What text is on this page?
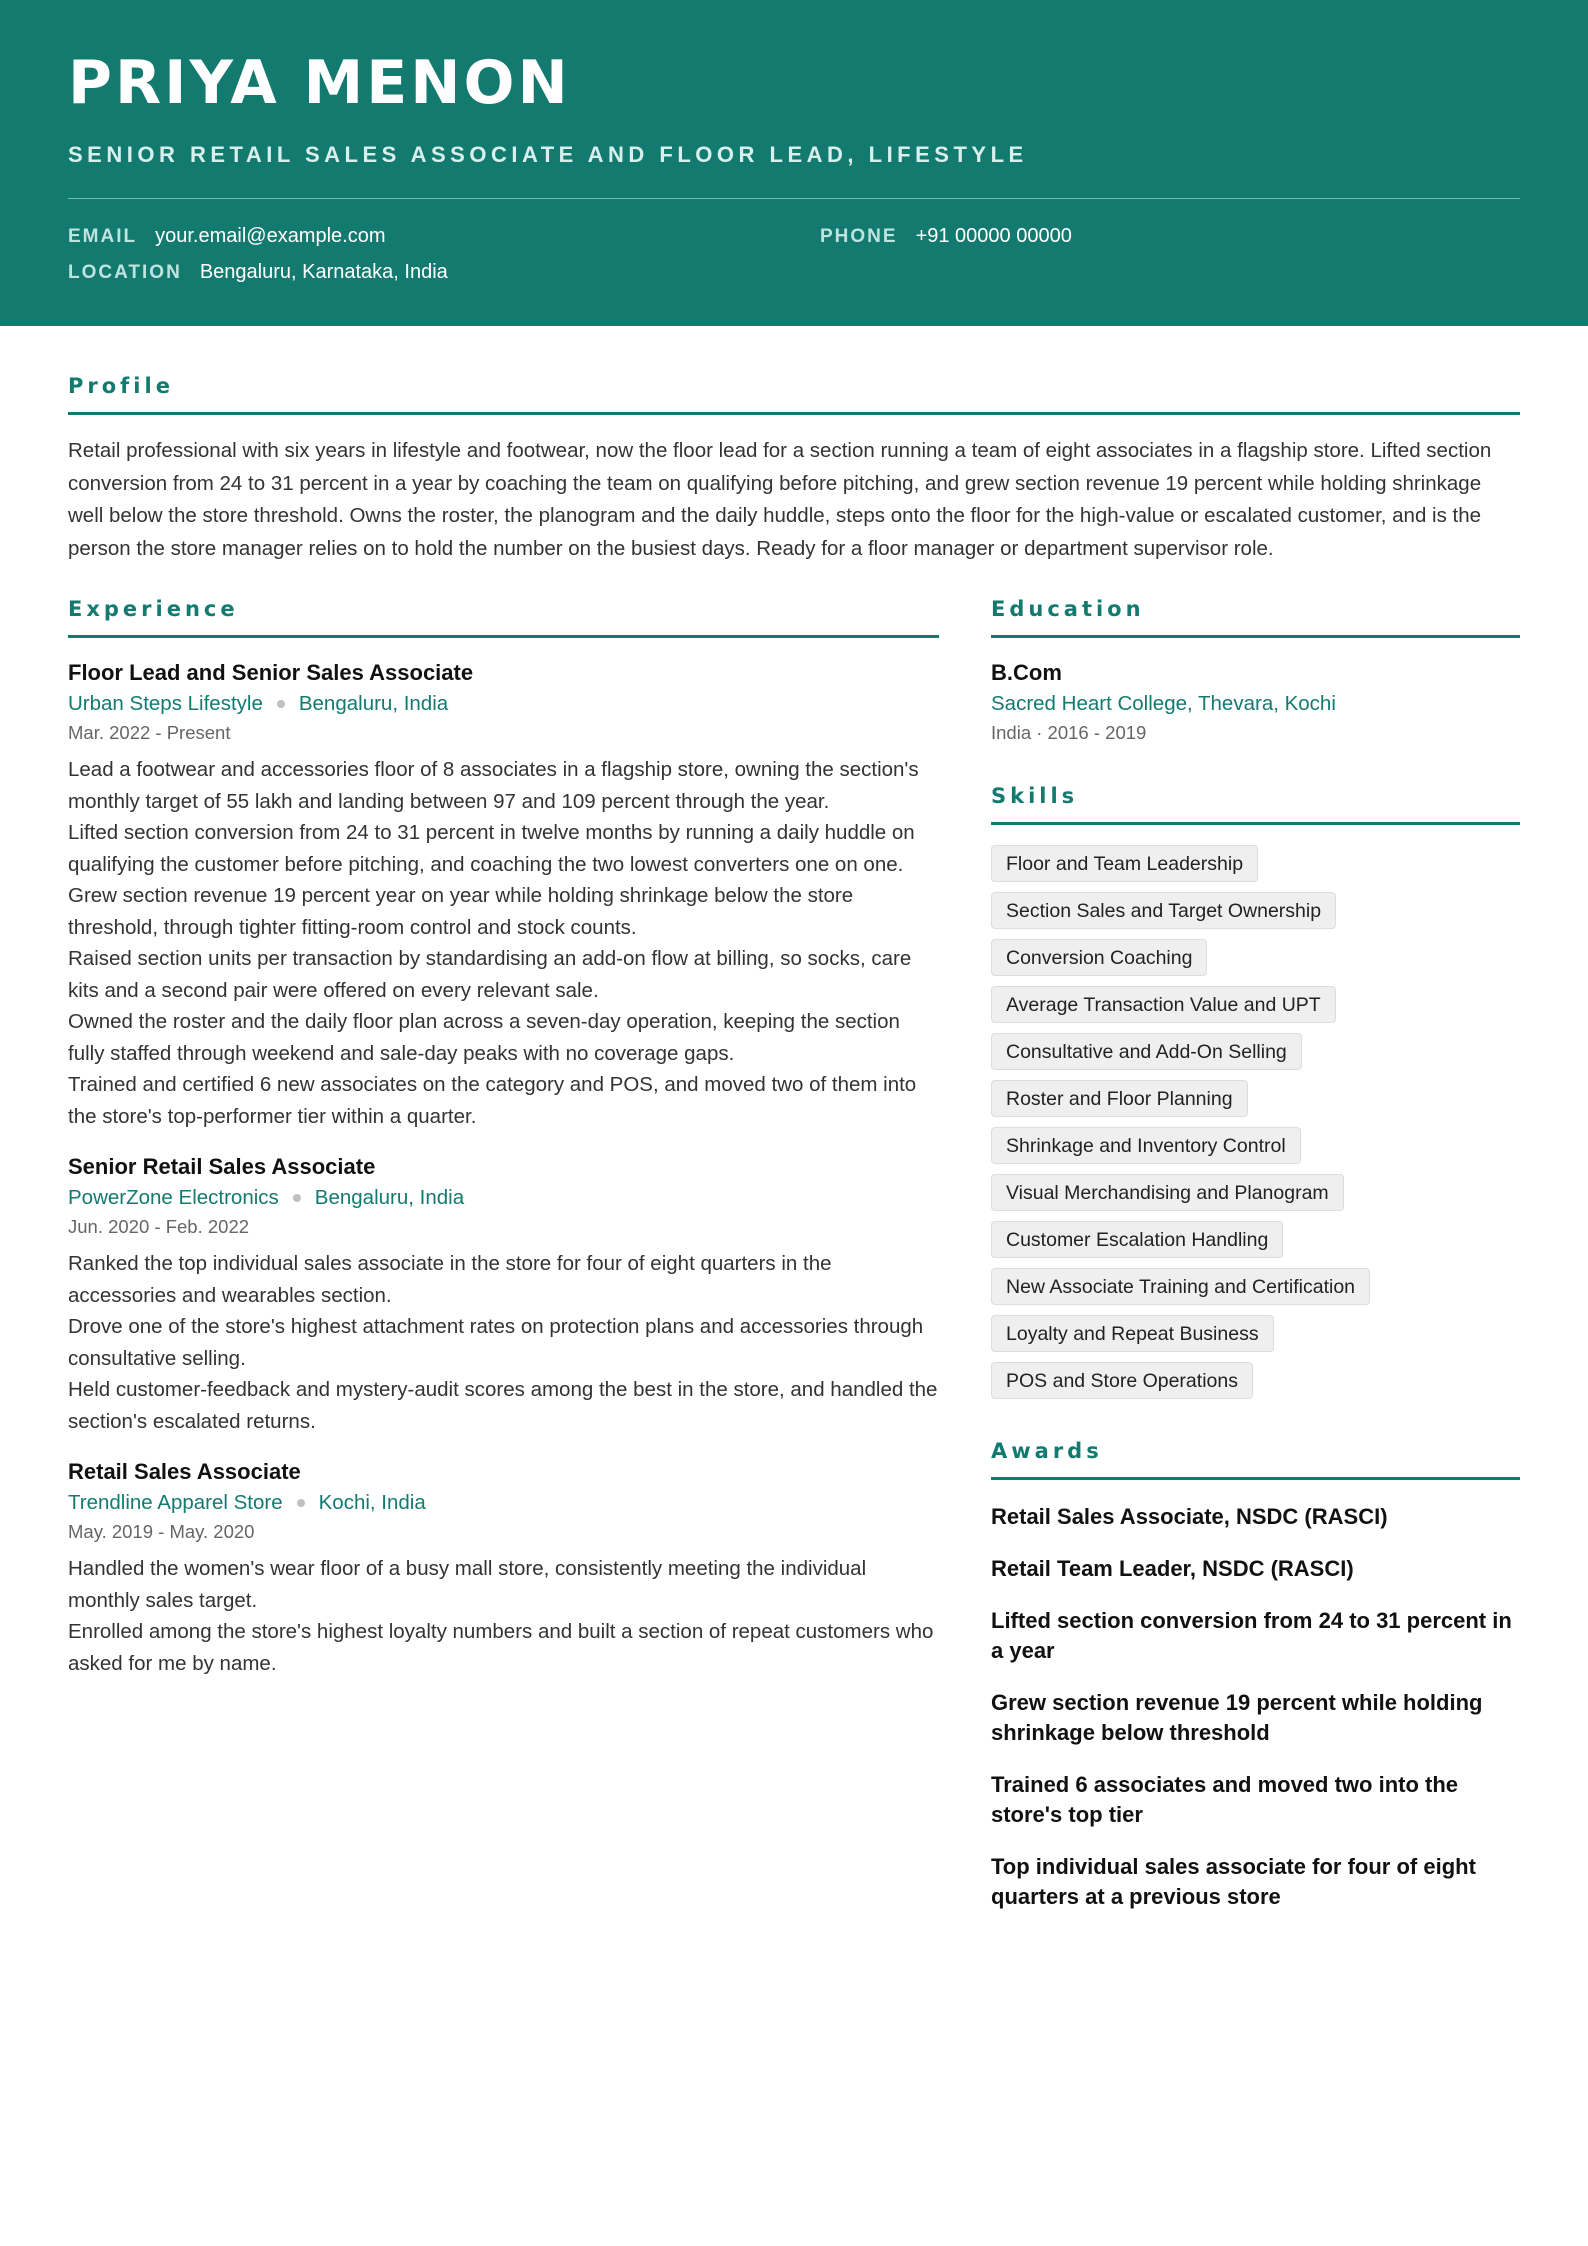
PRIYA MENON
SENIOR RETAIL SALES ASSOCIATE AND FLOOR LEAD, LIFESTYLE
EMAIL your.email@example.com	PHONE +91 00000 00000
LOCATION Bengaluru, Karnataka, India
Profile
Retail professional with six years in lifestyle and footwear, now the floor lead for a section running a team of eight associates in a flagship store. Lifted section conversion from 24 to 31 percent in a year by coaching the team on qualifying before pitching, and grew section revenue 19 percent while holding shrinkage well below the store threshold. Owns the roster, the planogram and the daily huddle, steps onto the floor for the high-value or escalated customer, and is the person the store manager relies on to hold the number on the busiest days. Ready for a floor manager or department supervisor role.
Experience
Floor Lead and Senior Sales Associate
Urban Steps Lifestyle Bengaluru, India
Mar. 2022 - Present
Lead a footwear and accessories floor of 8 associates in a flagship store, owning the section's monthly target of 55 lakh and landing between 97 and 109 percent through the year.
Lifted section conversion from 24 to 31 percent in twelve months by running a daily huddle on qualifying the customer before pitching, and coaching the two lowest converters one on one.
Grew section revenue 19 percent year on year while holding shrinkage below the store threshold, through tighter fitting-room control and stock counts.
Raised section units per transaction by standardising an add-on flow at billing, so socks, care kits and a second pair were offered on every relevant sale.
Owned the roster and the daily floor plan across a seven-day operation, keeping the section fully staffed through weekend and sale-day peaks with no coverage gaps.
Trained and certified 6 new associates on the category and POS, and moved two of them into the store's top-performer tier within a quarter.
Senior Retail Sales Associate
PowerZone Electronics Bengaluru, India
Jun. 2020 - Feb. 2022
Ranked the top individual sales associate in the store for four of eight quarters in the accessories and wearables section.
Drove one of the store's highest attachment rates on protection plans and accessories through consultative selling.
Held customer-feedback and mystery-audit scores among the best in the store, and handled the section's escalated returns.
Retail Sales Associate
Trendline Apparel Store Kochi, India
May. 2019 - May. 2020
Handled the women's wear floor of a busy mall store, consistently meeting the individual monthly sales target.
Enrolled among the store's highest loyalty numbers and built a section of repeat customers who asked for me by name.
Education
B.Com
Sacred Heart College, Thevara, Kochi
India · 2016 - 2019
Skills
Floor and Team Leadership
Section Sales and Target Ownership
Conversion Coaching
Average Transaction Value and UPT
Consultative and Add-On Selling
Roster and Floor Planning
Shrinkage and Inventory Control
Visual Merchandising and Planogram
Customer Escalation Handling
New Associate Training and Certification
Loyalty and Repeat Business
POS and Store Operations
Awards
Retail Sales Associate, NSDC (RASCI)
Retail Team Leader, NSDC (RASCI)
Lifted section conversion from 24 to 31 percent in a year
Grew section revenue 19 percent while holding shrinkage below threshold
Trained 6 associates and moved two into the store's top tier
Top individual sales associate for four of eight quarters at a previous store
